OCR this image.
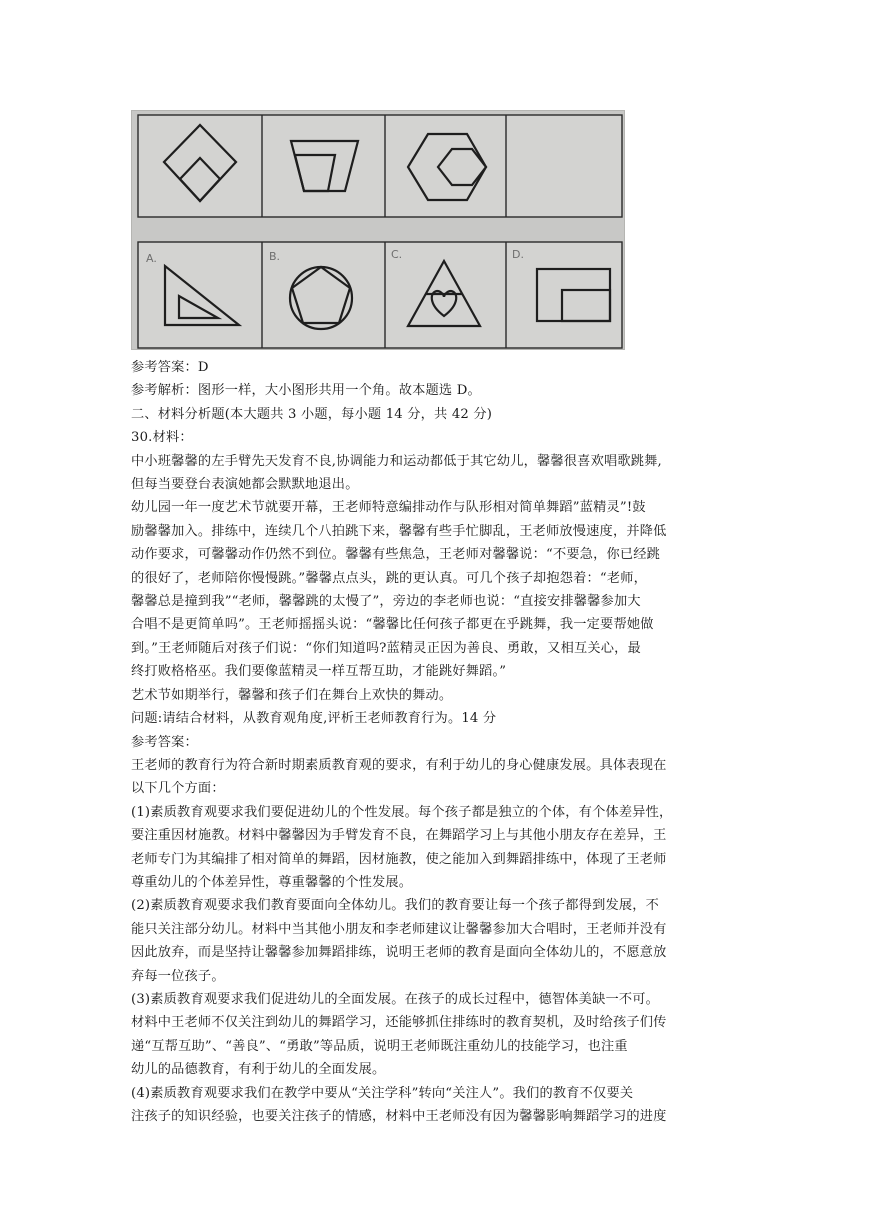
A.	B.	C.	D.
参考答案：D
参考解析：图形一样，大小图形共用一个角。故本题选 D。
二、材料分析题(本大题共 3 小题，每小题 14 分，共 42 分)
30.材料：
中小班馨馨的左手臂先天发育不良,协调能力和运动都低于其它幼儿，馨馨很喜欢唱歌跳舞,
但每当要登台表演她都会默默地退出。
幼儿园一年一度艺术节就要开幕，王老师特意编排动作与队形相对简单舞蹈”蓝精灵”!鼓
励馨馨加入。排练中，连续几个八拍跳下来，馨馨有些手忙脚乱，王老师放慢速度，并降低
动作要求，可馨馨动作仍然不到位。馨馨有些焦急，王老师对馨馨说：“不要急，你已经跳
的很好了，老师陪你慢慢跳。”馨馨点点头，跳的更认真。可几个孩子却抱怨着：“老师，
馨馨总是撞到我”“老师，馨馨跳的太慢了”，旁边的李老师也说：“直接安排馨馨参加大
合唱不是更简单吗”。王老师摇摇头说：“馨馨比任何孩子都更在乎跳舞，我一定要帮她做
到。”王老师随后对孩子们说：“你们知道吗?蓝精灵正因为善良、勇敢，又相互关心，最
终打败格格巫。我们要像蓝精灵一样互帮互助，才能跳好舞蹈。”
艺术节如期举行，馨馨和孩子们在舞台上欢快的舞动。
问题:请结合材料，从教育观角度,评析王老师教育行为。14 分
参考答案：
王老师的教育行为符合新时期素质教育观的要求，有利于幼儿的身心健康发展。具体表现在
以下几个方面：
(1)素质教育观要求我们要促进幼儿的个性发展。每个孩子都是独立的个体，有个体差异性，
要注重因材施教。材料中馨馨因为手臂发育不良，在舞蹈学习上与其他小朋友存在差异，王
老师专门为其编排了相对简单的舞蹈，因材施教，使之能加入到舞蹈排练中，体现了王老师
尊重幼儿的个体差异性，尊重馨馨的个性发展。
(2)素质教育观要求我们教育要面向全体幼儿。我们的教育要让每一个孩子都得到发展，不
能只关注部分幼儿。材料中当其他小朋友和李老师建议让馨馨参加大合唱时，王老师并没有
因此放弃，而是坚持让馨馨参加舞蹈排练，说明王老师的教育是面向全体幼儿的，不愿意放
弃每一位孩子。
(3)素质教育观要求我们促进幼儿的全面发展。在孩子的成长过程中，德智体美缺一不可。
材料中王老师不仅关注到幼儿的舞蹈学习，还能够抓住排练时的教育契机，及时给孩子们传
递“互帮互助”、“善良”、“勇敢”等品质，说明王老师既注重幼儿的技能学习，也注重
幼儿的品德教育，有利于幼儿的全面发展。
(4)素质教育观要求我们在教学中要从“关注学科”转向“关注人”。我们的教育不仅要关
注孩子的知识经验，也要关注孩子的情感，材料中王老师没有因为馨馨影响舞蹈学习的进度
